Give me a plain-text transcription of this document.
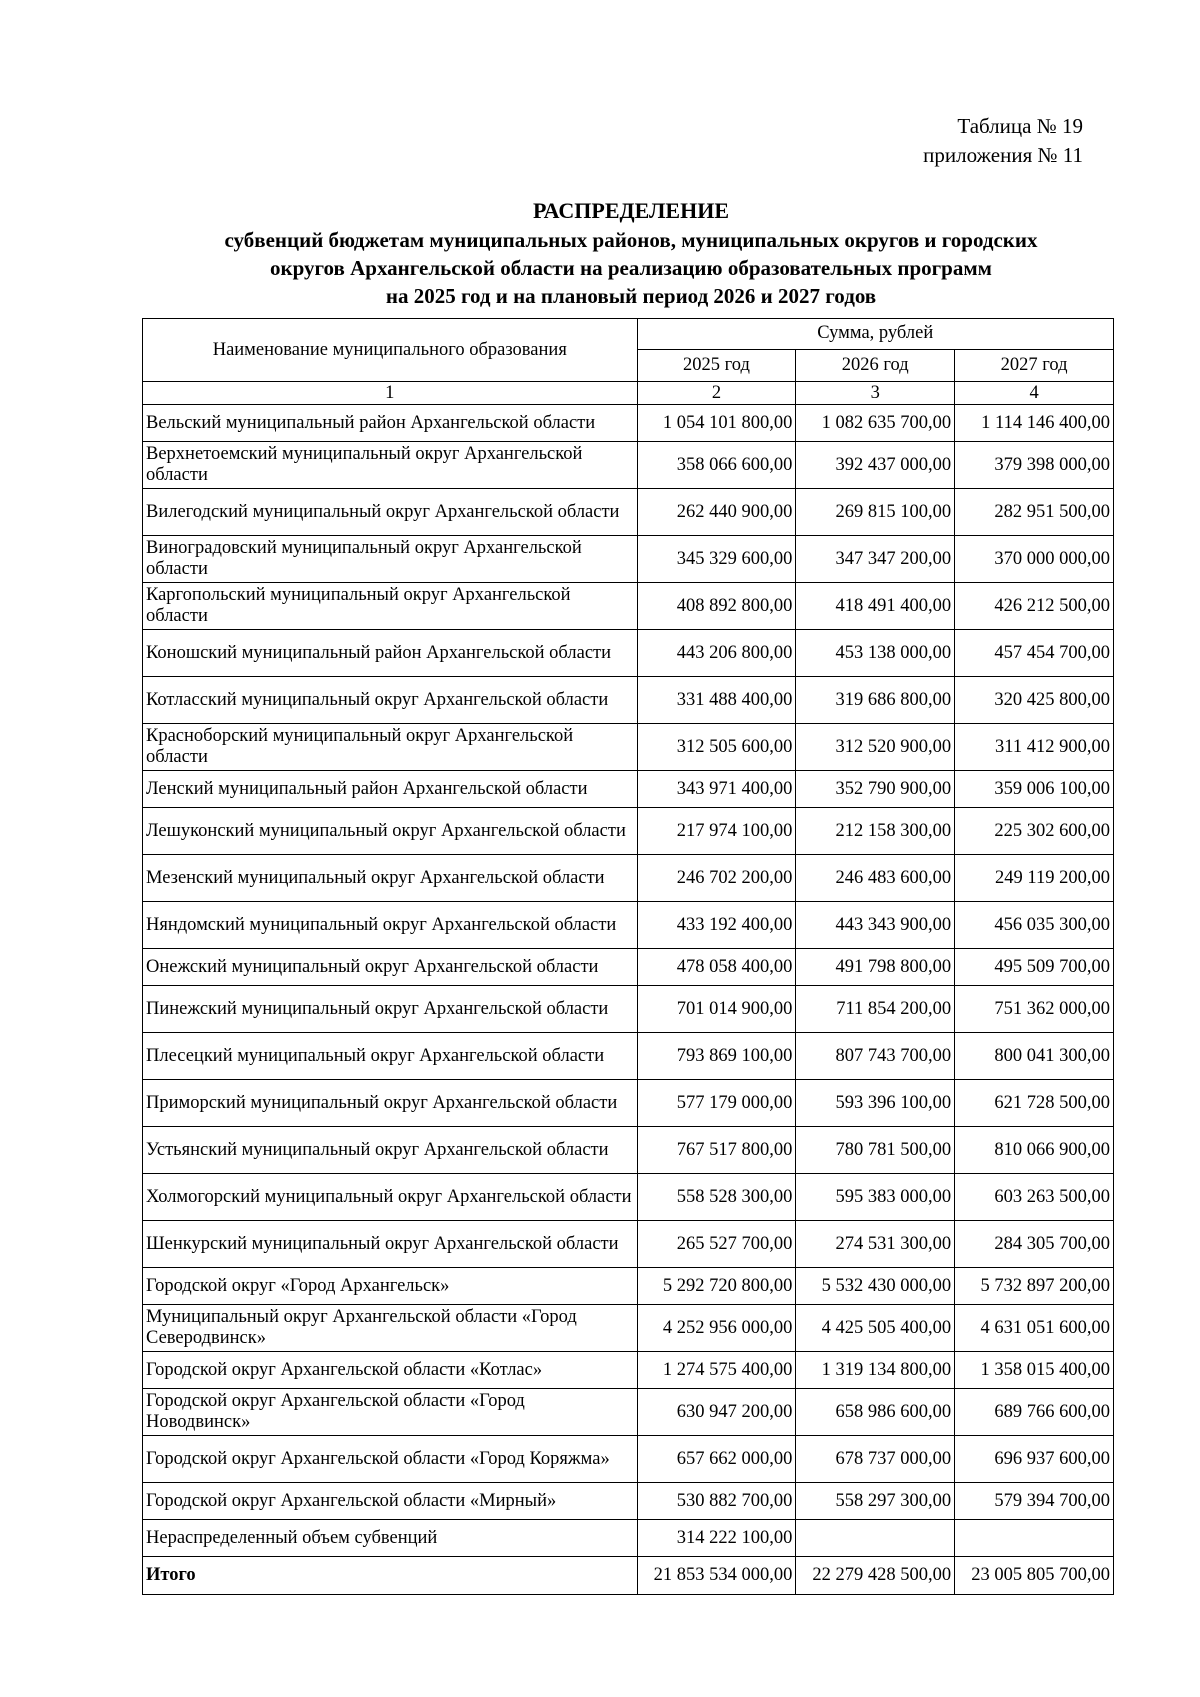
Таблица № 19
приложения № 11
РАСПРЕДЕЛЕНИЕ
субвенций бюджетам муниципальных районов, муниципальных округов и городских
округов Архангельской области на реализацию образовательных программ
на 2025 год и на плановый период 2026 и 2027 годов
Наименование муниципального образования	Сумма, рублей		
	2025 год	2026 год	2027 год
1	2	3	4
Вельский муниципальный район Архангельской области	1 054 101 800,00	1 082 635 700,00	1 114 146 400,00
Верхнетоемский муниципальный округ Архангельской области	358 066 600,00	392 437 000,00	379 398 000,00
Вилегодский муниципальный округ Архангельской области	262 440 900,00	269 815 100,00	282 951 500,00
Виноградовский муниципальный округ Архангельской области	345 329 600,00	347 347 200,00	370 000 000,00
Каргопольский муниципальный округ Архангельской области	408 892 800,00	418 491 400,00	426 212 500,00
Коношский муниципальный район Архангельской области	443 206 800,00	453 138 000,00	457 454 700,00
Котласский муниципальный округ Архангельской области	331 488 400,00	319 686 800,00	320 425 800,00
Красноборский муниципальный округ Архангельской области	312 505 600,00	312 520 900,00	311 412 900,00
Ленский муниципальный район Архангельской области	343 971 400,00	352 790 900,00	359 006 100,00
Лешуконский муниципальный округ Архангельской области	217 974 100,00	212 158 300,00	225 302 600,00
Мезенский муниципальный округ Архангельской области	246 702 200,00	246 483 600,00	249 119 200,00
Няндомский муниципальный округ Архангельской области	433 192 400,00	443 343 900,00	456 035 300,00
Онежский муниципальный округ Архангельской области	478 058 400,00	491 798 800,00	495 509 700,00
Пинежский муниципальный округ Архангельской области	701 014 900,00	711 854 200,00	751 362 000,00
Плесецкий муниципальный округ Архангельской области	793 869 100,00	807 743 700,00	800 041 300,00
Приморский муниципальный округ Архангельской области	577 179 000,00	593 396 100,00	621 728 500,00
Устьянский муниципальный округ Архангельской области	767 517 800,00	780 781 500,00	810 066 900,00
Холмогорский муниципальный округ Архангельской области	558 528 300,00	595 383 000,00	603 263 500,00
Шенкурский муниципальный округ Архангельской области	265 527 700,00	274 531 300,00	284 305 700,00
Городской округ «Город Архангельск»	5 292 720 800,00	5 532 430 000,00	5 732 897 200,00
Муниципальный округ Архангельской области «Город Северодвинск»	4 252 956 000,00	4 425 505 400,00	4 631 051 600,00
Городской округ Архангельской области «Котлас»	1 274 575 400,00	1 319 134 800,00	1 358 015 400,00
Городской округ Архангельской области «Город Новодвинск»	630 947 200,00	658 986 600,00	689 766 600,00
Городской округ Архангельской области «Город Коряжма»	657 662 000,00	678 737 000,00	696 937 600,00
Городской округ Архангельской области «Мирный»	530 882 700,00	558 297 300,00	579 394 700,00
Нераспределенный объем субвенций	314 222 100,00		
Итого	21 853 534 000,00	22 279 428 500,00	23 005 805 700,00
